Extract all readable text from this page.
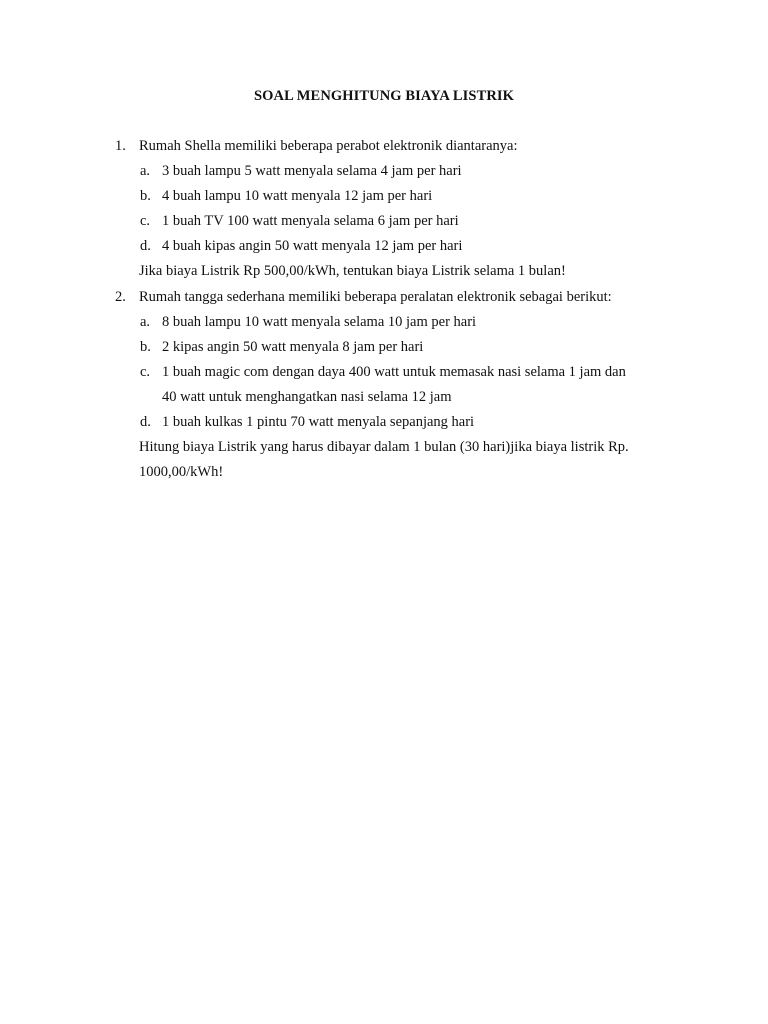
SOAL MENGHITUNG BIAYA LISTRIK
1. Rumah Shella memiliki beberapa perabot elektronik diantaranya:
a. 3 buah lampu 5 watt menyala selama 4 jam per hari
b. 4 buah lampu 10 watt menyala 12 jam per hari
c. 1 buah TV 100 watt menyala selama 6 jam per hari
d. 4 buah kipas angin 50 watt menyala 12 jam per hari
Jika biaya Listrik Rp 500,00/kWh, tentukan biaya Listrik selama 1 bulan!
2. Rumah tangga sederhana memiliki beberapa peralatan elektronik sebagai berikut:
a. 8 buah lampu 10 watt menyala selama 10 jam per hari
b. 2 kipas angin 50 watt menyala 8 jam per hari
c. 1 buah magic com dengan daya 400 watt untuk memasak nasi selama 1 jam dan
40 watt untuk menghangatkan nasi selama 12 jam
d. 1 buah kulkas 1 pintu 70 watt menyala sepanjang hari
Hitung biaya Listrik yang harus dibayar dalam 1 bulan (30 hari)jika biaya listrik Rp.
1000,00/kWh!
